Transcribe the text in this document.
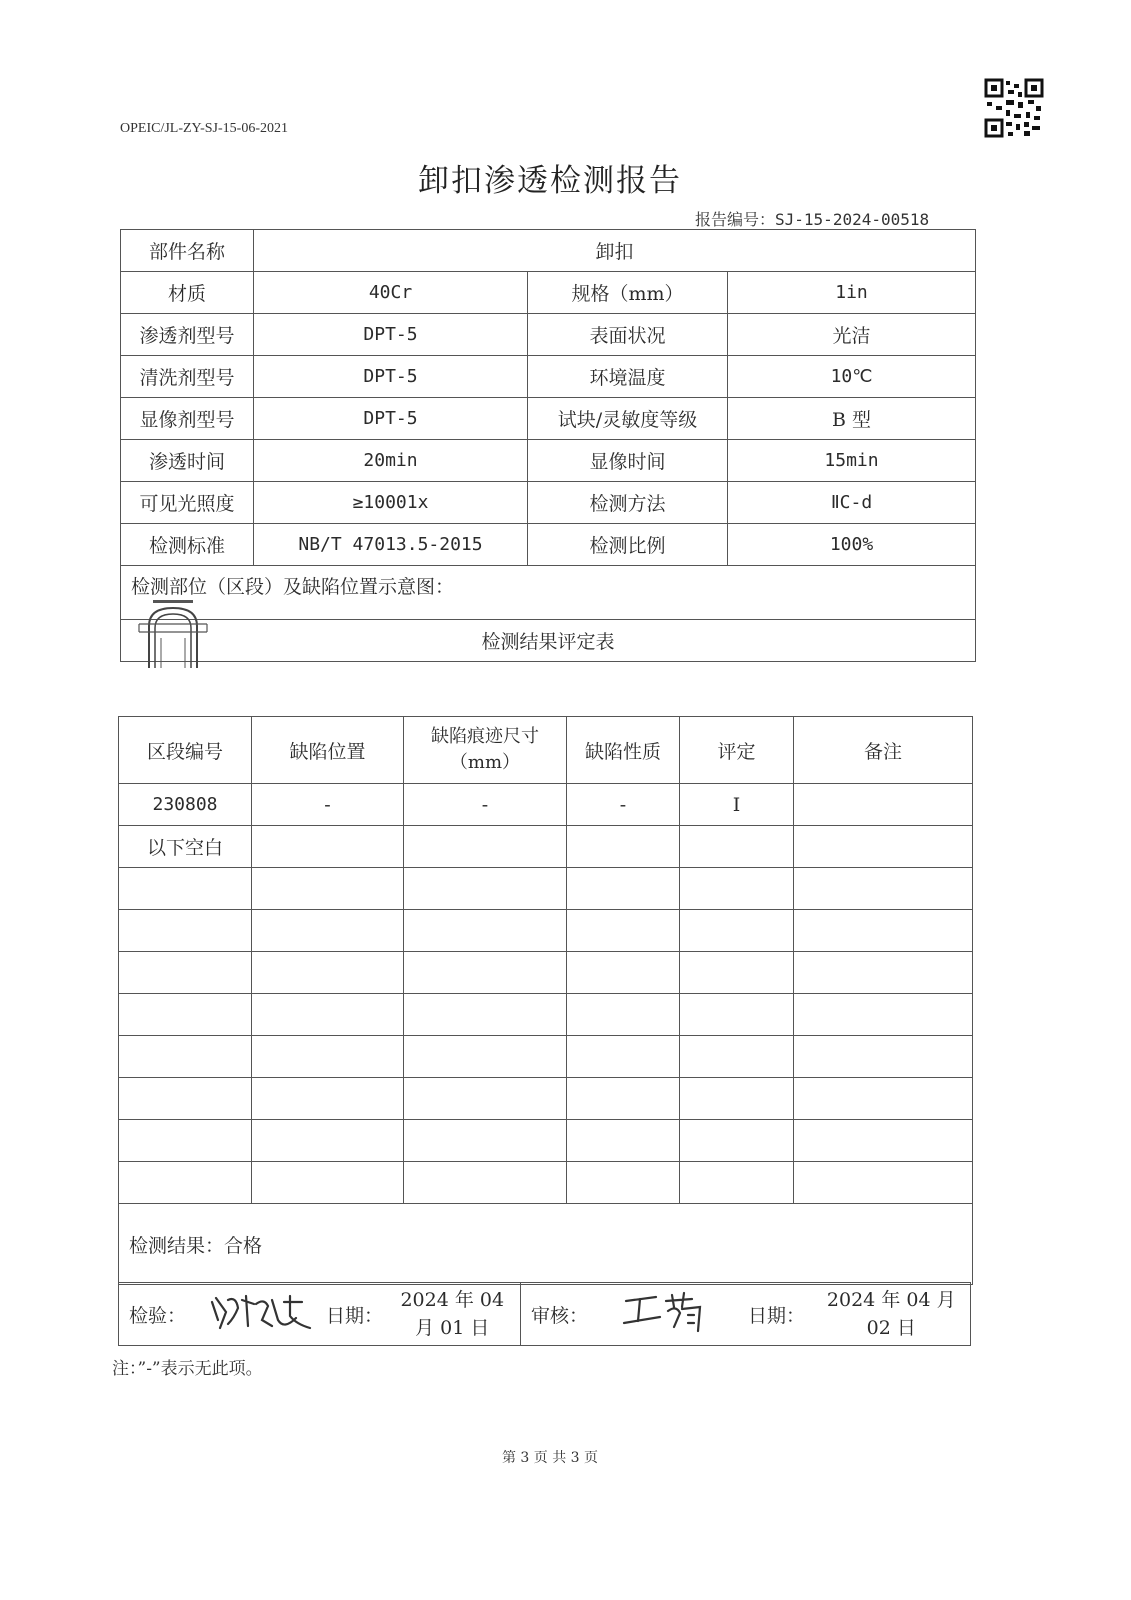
OPEIC/JL-ZY-SJ-15-06-2021
卸扣渗透检测报告
报告编号：SJ-15-2024-00518
部件名称	卸扣		
材质	40Cr	规格（mm）	1in
渗透剂型号	DPT-5	表面状况	光洁
清洗剂型号	DPT-5	环境温度	10℃
显像剂型号	DPT-5	试块/灵敏度等级	B 型
渗透时间	20min	显像时间	15min
可见光照度	≥10001x	检测方法	ⅡC-d
检测标准	NB/T 47013.5-2015	检测比例	100%

检测部位（区段）及缺陷位置示意图：			

检测结果评定表			
区段编号	缺陷位置	缺陷痕迹尺寸
（mm）	缺陷性质	评定	备注
230808	-	-	-	Ⅰ	
以下空白					

检测结果：合格					
检验：		日期：	
2024 年 04
月 01 日
	审核：		日期：	
2024 年 04 月
02 日
注：”-”表示无此项。
第 3 页 共 3 页
